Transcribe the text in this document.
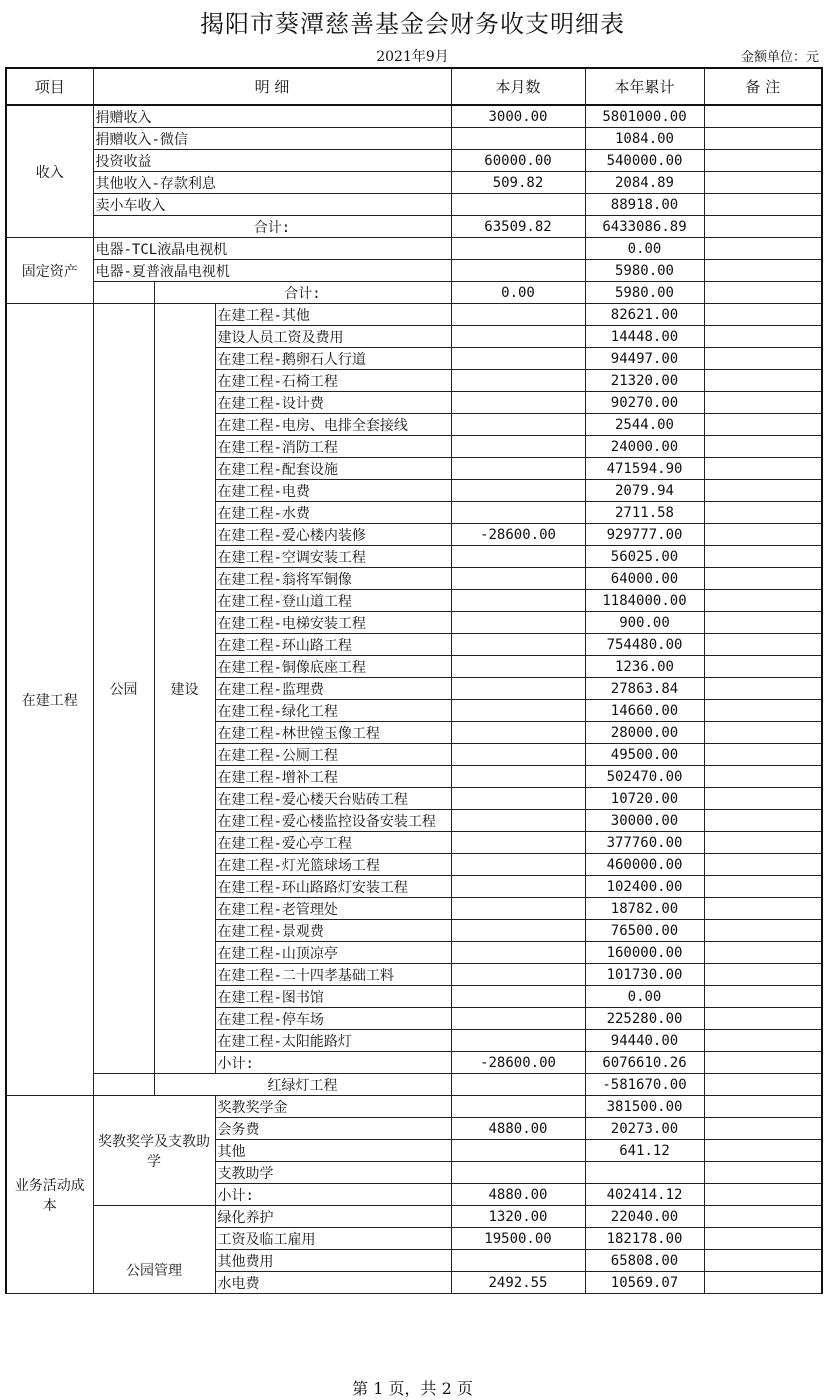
揭阳市葵潭慈善基金会财务收支明细表
2021年9月	金额单位：元
项目	明 细			本月数	本年累计	备 注
收入	捐赠收入			3000.00	5801000.00	
	捐赠收入-微信				1084.00	
	投资收益			60000.00	540000.00	
	其他收入-存款利息			509.82	2084.89	
	卖小车收入				88918.00	
	合计:			63509.82	6433086.89	
固定资产	电器-TCL液晶电视机				0.00	
	电器-夏普液晶电视机				5980.00	
		合计:		0.00	5980.00	
在建工程	公园	建设	在建工程-其他		82621.00	
			建设人员工资及费用		14448.00	
			在建工程-鹅卵石人行道		94497.00	
			在建工程-石椅工程		21320.00	
			在建工程-设计费		90270.00	
			在建工程-电房、电排全套接线		2544.00	
			在建工程-消防工程		24000.00	
			在建工程-配套设施		471594.90	
			在建工程-电费		2079.94	
			在建工程-水费		2711.58	
			在建工程-爱心楼内装修	-28600.00	929777.00	
			在建工程-空调安装工程		56025.00	
			在建工程-翁将军铜像		64000.00	
			在建工程-登山道工程		1184000.00	
			在建工程-电梯安装工程		900.00	
			在建工程-环山路工程		754480.00	
			在建工程-铜像底座工程		1236.00	
			在建工程-监理费		27863.84	
			在建工程-绿化工程		14660.00	
			在建工程-林世镗玉像工程		28000.00	
			在建工程-公厕工程		49500.00	
			在建工程-增补工程		502470.00	
			在建工程-爱心楼天台贴砖工程		10720.00	
			在建工程-爱心楼监控设备安装工程		30000.00	
			在建工程-爱心亭工程		377760.00	
			在建工程-灯光篮球场工程		460000.00	
			在建工程-环山路路灯安装工程		102400.00	
			在建工程-老管理处		18782.00	
			在建工程-景观费		76500.00	
			在建工程-山顶凉亭		160000.00	
			在建工程-二十四孝基础工料		101730.00	
			在建工程-图书馆		0.00	
			在建工程-停车场		225280.00	
			在建工程-太阳能路灯		94440.00	
			小计:	-28600.00	6076610.26	
		红绿灯工程			-581670.00	
业务活动成本	奖教奖学及支教助学		奖教奖学金		381500.00	
			会务费	4880.00	20273.00	
			其他		641.12	
			支教助学			
			小计:	4880.00	402414.12	
	公园管理		绿化养护	1320.00	22040.00	
			工资及临工雇用	19500.00	182178.00	
			其他费用		65808.00	
			水电费	2492.55	10569.07	
第 1 页，共 2 页
